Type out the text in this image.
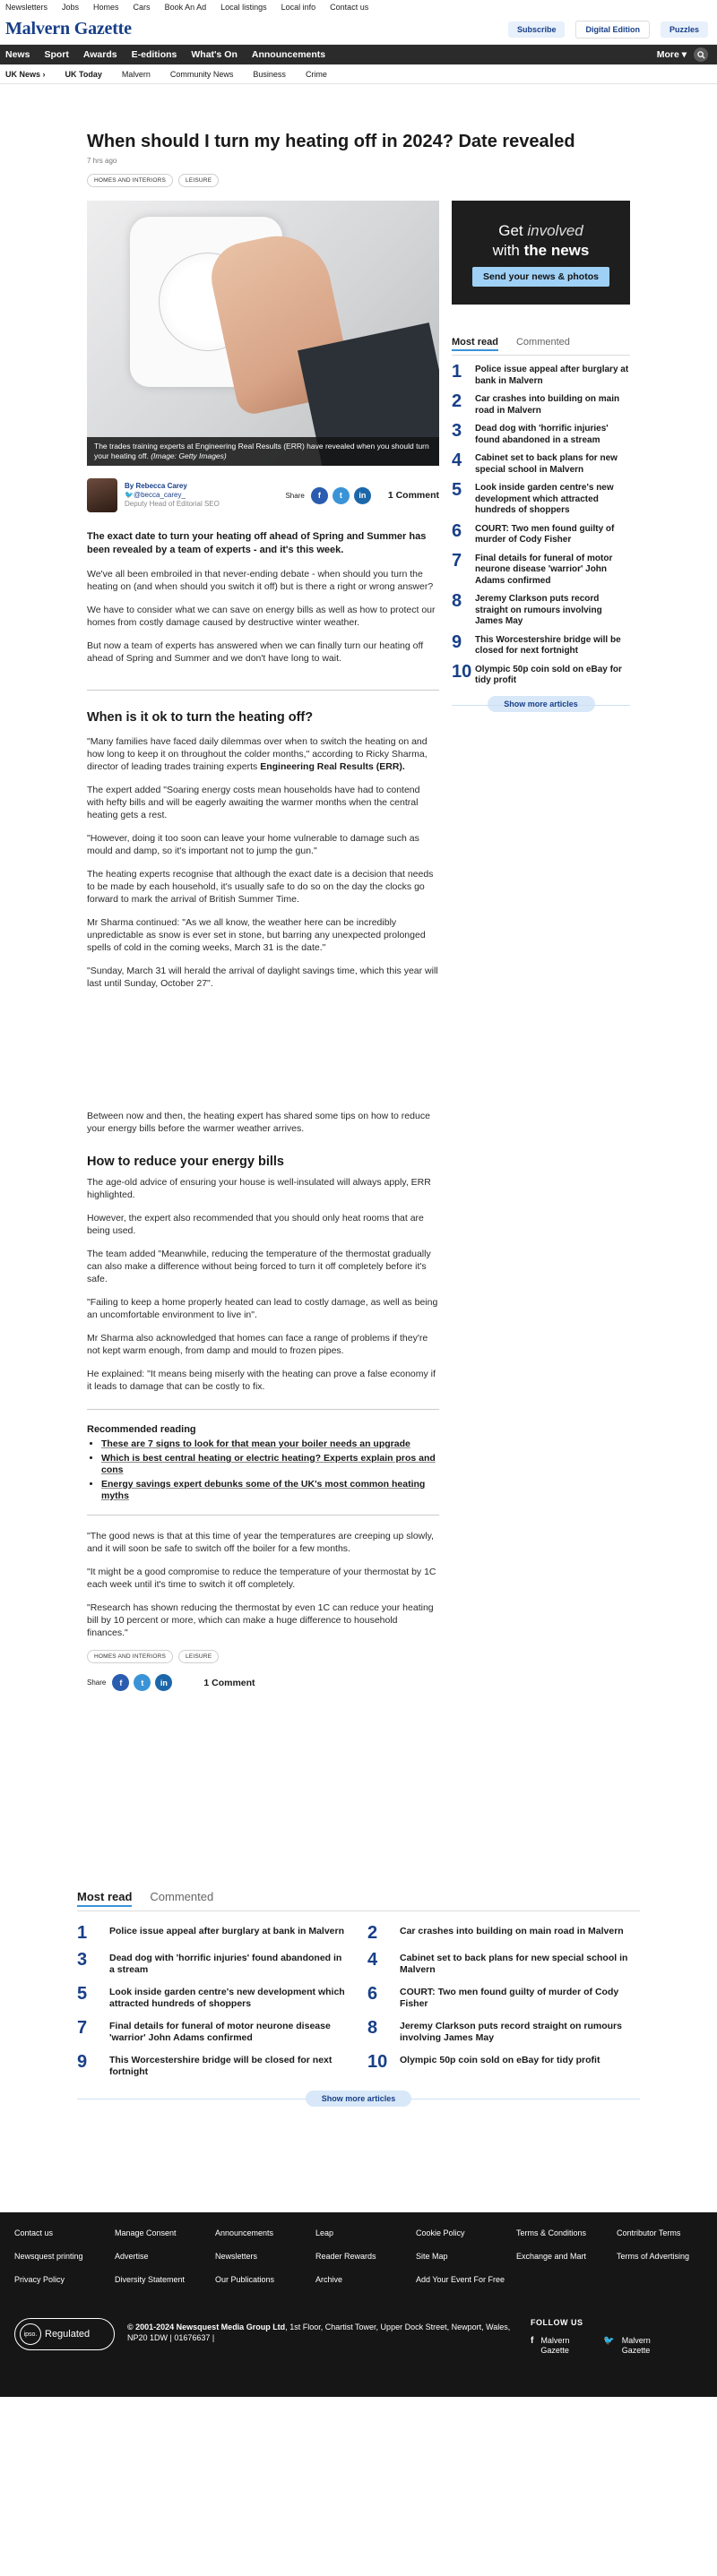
Newsletters Jobs Homes Cars Book An Ad Local listings Local info Contact us
Malvern Gazette	Subscribe	Digital Edition	Puzzles
News Sport Awards E-editions What's On Announcements	More ▾
UK News › UK Today Malvern Community News Business Crime
When should I turn my heating off in 2024? Date revealed
7 hrs ago
HOMES AND INTERIORS	LEISURE
The trades training experts at Engineering Real Results (ERR) have revealed when you should turn your heating off. (Image: Getty Images)
By Rebecca Carey
🐦@becca_carey_
Deputy Head of Editorial SEO
Share	f	t	in	1 Comment

The exact date to turn your heating off ahead of Spring and Summer has been revealed by a team of experts - and it's this week.

We've all been embroiled in that never-ending debate - when should you turn the heating on (and when should you switch it off) but is there a right or wrong answer?

We have to consider what we can save on energy bills as well as how to protect our homes from costly damage caused by destructive winter weather.

But now a team of experts has answered when we can finally turn our heating off ahead of Spring and Summer and we don't have long to wait.

When is it ok to turn the heating off?

"Many families have faced daily dilemmas over when to switch the heating on and how long to keep it on throughout the colder months," according to Ricky Sharma, director of leading trades training experts Engineering Real Results (ERR).

The expert added "Soaring energy costs mean households have had to contend with hefty bills and will be eagerly awaiting the warmer months when the central heating gets a rest.

"However, doing it too soon can leave your home vulnerable to damage such as mould and damp, so it's important not to jump the gun."

The heating experts recognise that although the exact date is a decision that needs to be made by each household, it's usually safe to do so on the day the clocks go forward to mark the arrival of British Summer Time.

Mr Sharma continued: "As we all know, the weather here can be incredibly unpredictable as snow is ever set in stone, but barring any unexpected prolonged spells of cold in the coming weeks, March 31 is the date."

"Sunday, March 31 will herald the arrival of daylight savings time, which this year will last until Sunday, October 27".

Between now and then, the heating expert has shared some tips on how to reduce your energy bills before the warmer weather arrives.

How to reduce your energy bills

The age-old advice of ensuring your house is well-insulated will always apply, ERR highlighted.

However, the expert also recommended that you should only heat rooms that are being used.

The team added "Meanwhile, reducing the temperature of the thermostat gradually can also make a difference without being forced to turn it off completely before it's safe.

"Failing to keep a home properly heated can lead to costly damage, as well as being an uncomfortable environment to live in".

Mr Sharma also acknowledged that homes can face a range of problems if they're not kept warm enough, from damp and mould to frozen pipes.

He explained: "It means being miserly with the heating can prove a false economy if it leads to damage that can be costly to fix.

Recommended reading
• These are 7 signs to look for that mean your boiler needs an upgrade
• Which is best central heating or electric heating? Experts explain pros and cons
• Energy savings expert debunks some of the UK's most common heating myths

"The good news is that at this time of year the temperatures are creeping up slowly, and it will soon be safe to switch off the boiler for a few months.

"It might be a good compromise to reduce the temperature of your thermostat by 1C each week until it's time to switch it off completely.

"Research has shown reducing the thermostat by even 1C can reduce your heating bill by 10 percent or more, which can make a huge difference to household finances."

HOMES AND INTERIORS	LEISURE
Share	f	t	in	1 Comment
Get involved
with the news
Send your news & photos
Most read Commented
1	Police issue appeal after burglary at bank in Malvern
2	Car crashes into building on main road in Malvern
3	Dead dog with 'horrific injuries' found abandoned in a stream
4	Cabinet set to back plans for new special school in Malvern
5	Look inside garden centre's new development which attracted hundreds of shoppers
6	COURT: Two men found guilty of murder of Cody Fisher
7	Final details for funeral of motor neurone disease 'warrior' John Adams confirmed
8	Jeremy Clarkson puts record straight on rumours involving James May
9	This Worcestershire bridge will be closed for next fortnight
10 Olympic 50p coin sold on eBay for tidy profit
Show more articles
Most read Commented
1	Police issue appeal after burglary at bank in Malvern 2	Car crashes into building on main road in Malvern
3	Dead dog with 'horrific injuries' found abandoned in a stream	4	Cabinet set to back plans for new special school in Malvern
5	Look inside garden centre's new development which attracted hundreds of shoppers	6	COURT: Two men found guilty of murder of Cody Fisher
7	Final details for funeral of motor neurone disease 'warrior' John Adams confirmed	8	Jeremy Clarkson puts record straight on rumours involving James May
9	This Worcestershire bridge will be closed for next fortnight	10 Olympic 50p coin sold on eBay for tidy profit
Show more articles
Contact us	Manage Consent	Announcements	Leap	Cookie Policy	Terms & Conditions	Contributor Terms
Newsquest printing	Advertise	Newsletters	Reader Rewards	Site Map	Exchange and Mart	Terms of Advertising
Privacy Policy	Diversity Statement	Our Publications	Archive	Add Your Event For Free
ipso. Regulated
© 2001-2024 Newsquest Media Group Ltd, 1st Floor, Chartist Tower, Upper Dock Street, Newport, Wales, NP20 1DW | 01676637 |
FOLLOW US
f Malvern Gazette
🐦 Malvern Gazette
